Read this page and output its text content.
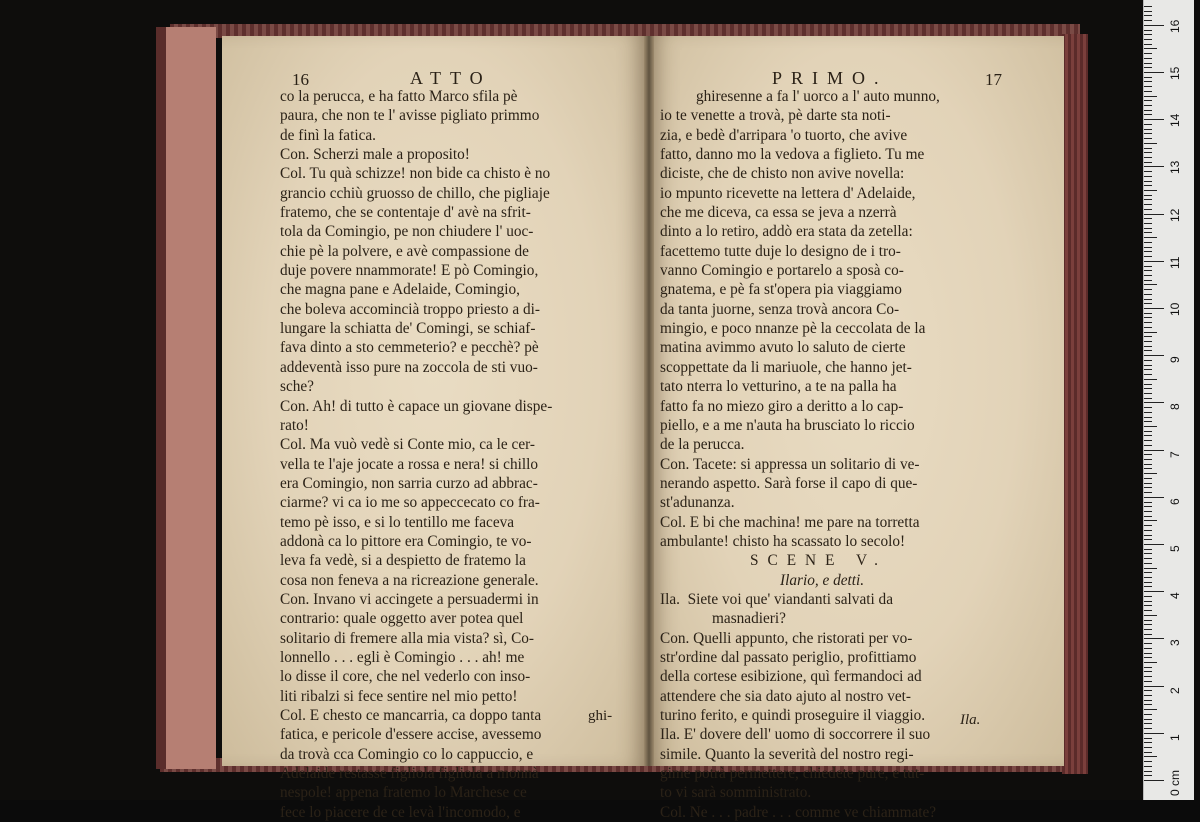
16	ATTO	PRIMO.	17
co la perucca, e ha fatto Marco sfila pè
paura, che non te l' avisse pigliato primmo
de finì la fatica.
Con. Scherzi male a proposito!
Col. Tu quà schizze! non bide ca chisto è no
grancio cchiù gruosso de chillo, che pigliaje
fratemo, che se contentaje d' avè na sfrit-
tola da Comingio, pe non chiudere l' uoc-
chie pè la polvere, e avè compassione de
duje povere nnammorate! E pò Comingio,
che magna pane e Adelaide, Comingio,
che boleva accomincià troppo priesto a di-
lungare la schiatta de' Comingi, se schiaf-
fava dinto a sto cemmeterio? e pecchè? pè
addeventà isso pure na zoccola de sti vuo-
sche?
Con. Ah! di tutto è capace un giovane dispe-
rato!
Col. Ma vuò vedè si Conte mio, ca le cer-
vella te l'aje jocate a rossa e nera! si chillo
era Comingio, non sarria curzo ad abbrac-
ciarme? vi ca io me so appeccecato co fra-
temo pè isso, e si lo tentillo me faceva
addonà ca lo pittore era Comingio, te vo-
leva fa vedè, si a despietto de fratemo la
cosa non feneva a na ricreazione generale.
Con. Invano vi accingete a persuadermi in
contrario: quale oggetto aver potea quel
solitario di fremere alla mia vista? sì, Co-
lonnello . . . egli è Comingio . . . ah! me
lo disse il core, che nel vederlo con inso-
liti ribalzi si fece sentire nel mio petto!
Col. E chesto ce mancarria, ca doppo tanta
fatica, e pericole d'essere accise, avessemo
da trovà cca Comingio co lo cappuccio, e
Adelaide restasse figliola figliola a monnà
nespole! appena fratemo lo Marchese ce
fece lo piacere de ce levà l'incomodo, e
ghi-
ghiresenne a fa l' uorco a l' auto munno,
io te venette a trovà, pè darte sta noti-
zia, e bedè d'arripara 'o tuorto, che avive
fatto, danno mo la vedova a figlieto. Tu me
diciste, che de chisto non avive novella:
io mpunto ricevette na lettera d' Adelaide,
che me diceva, ca essa se jeva a nzerrà
dinto a lo retiro, addò era stata da zetella:
facettemo tutte duje lo designo de i tro-
vanno Comingio e portarelo a sposà co-
gnatema, e pè fa st'opera pia viaggiamo
da tanta juorne, senza trovà ancora Co-
mingio, e poco nnanze pè la ceccolata de la
matina avimmo avuto lo saluto de cierte
scoppettate da li mariuole, che hanno jet-
tato nterra lo vetturino, a te na palla ha
fatto fa no miezo giro a deritto a lo cap-
piello, e a me n'auta ha brusciato lo riccio
de la perucca.
Con. Tacete: si appressa un solitario di ve-
nerando aspetto. Sarà forse il capo di que-
st'adunanza.
Col. E bi che machina! me pare na torretta
ambulante! chisto ha scassato lo secolo!
SCENE V.
Ilario, e detti.
Ila.  Siete voi que' viandanti salvati da
masnadieri?
Con. Quelli appunto, che ristorati per vo-
str'ordine dal passato periglio, profittiamo
della cortese esibizione, quì fermandoci ad
attendere che sia dato ajuto al nostro vet-
turino ferito, e quindi proseguire il viaggio.
Ila. E' dovere dell' uomo di soccorrere il suo
simile. Quanto la severità del nostro regi-
gime potrà permettere, chiedete pure, e tut-
to vi sarà somministrato.
Col. Ne . . . padre . . . comme ve chiammate?
Ila.
0 cm
16
15
14
13
12
11
10
9
8
7
6
5
4
3
2
1
